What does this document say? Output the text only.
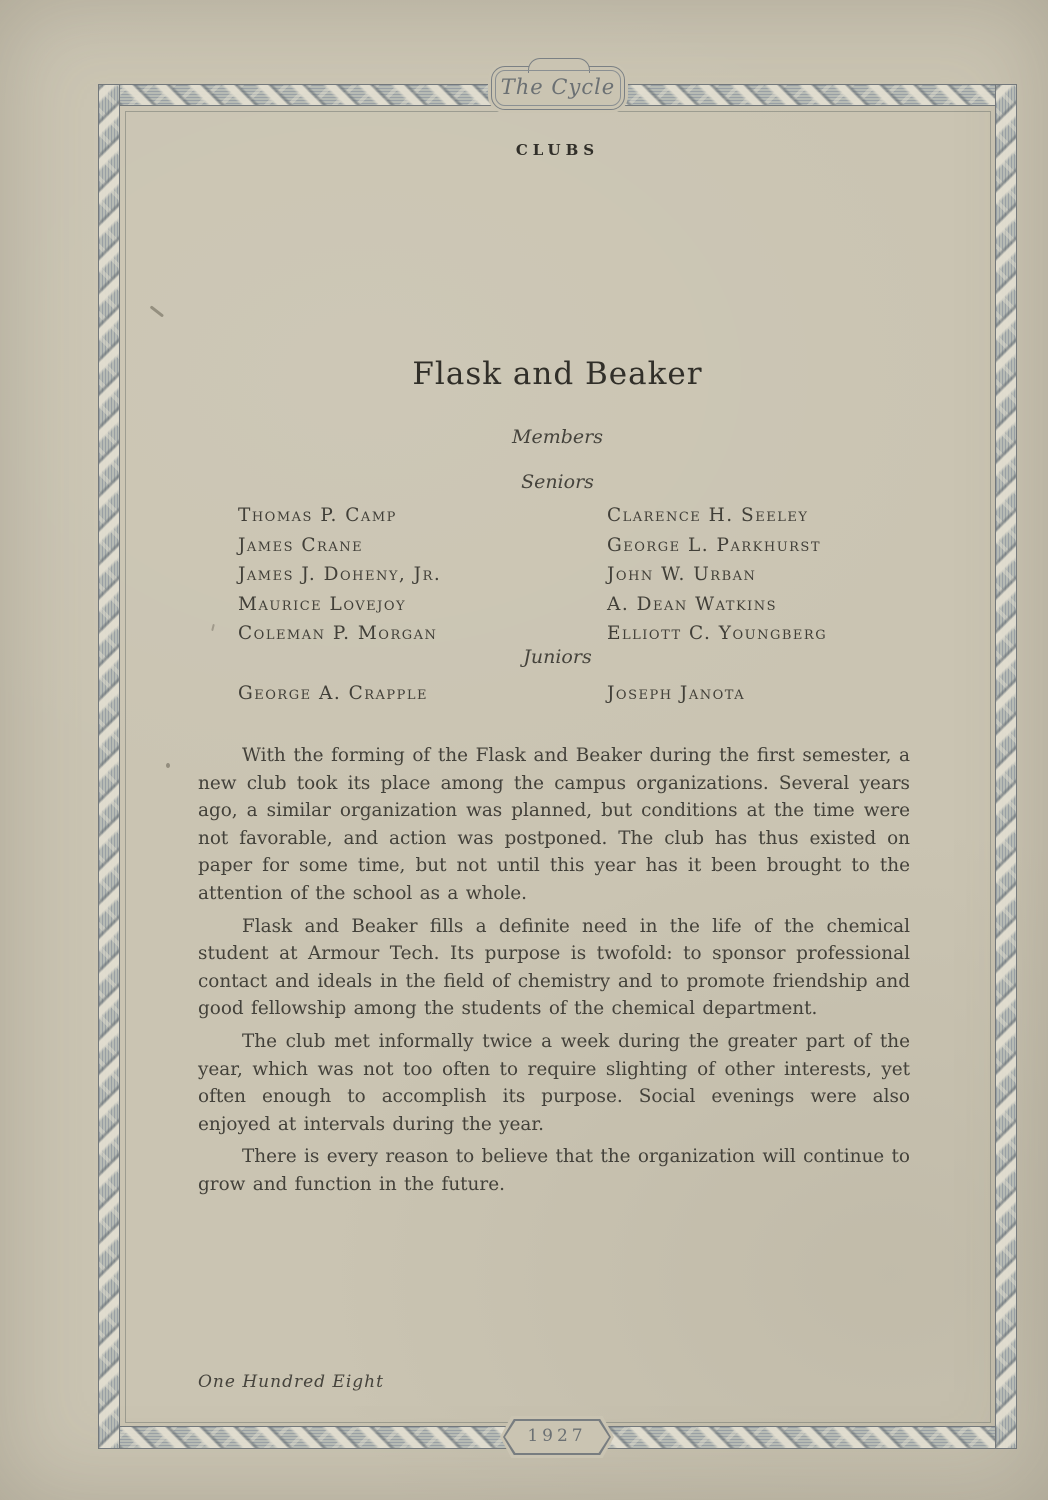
The Cycle
CLUBS
Flask and Beaker
Members
Seniors
Thomas P. Camp
James Crane
James J. Doheny, Jr.
Maurice Lovejoy
Coleman P. Morgan
Clarence H. Seeley
George L. Parkhurst
John W. Urban
A. Dean Watkins
Elliott C. Youngberg
Juniors
George A. Crapple	Joseph Janota

With the forming of the Flask and Beaker during the first semester, a new club took its place among the campus organizations. Several years ago, a similar organization was planned, but conditions at the time were not favorable, and action was postponed. The club has thus existed on paper for some time, but not until this year has it been brought to the attention of the school as a whole.

Flask and Beaker fills a definite need in the life of the chemical student at Armour Tech. Its purpose is twofold: to sponsor professional contact and ideals in the field of chemistry and to promote friendship and good fellowship among the students of the chemical department.

The club met informally twice a week during the greater part of the year, which was not too often to require slighting of other interests, yet often enough to accomplish its purpose. Social evenings were also enjoyed at intervals during the year.

There is every reason to believe that the organization will continue to grow and function in the future.

One Hundred Eight
1927
